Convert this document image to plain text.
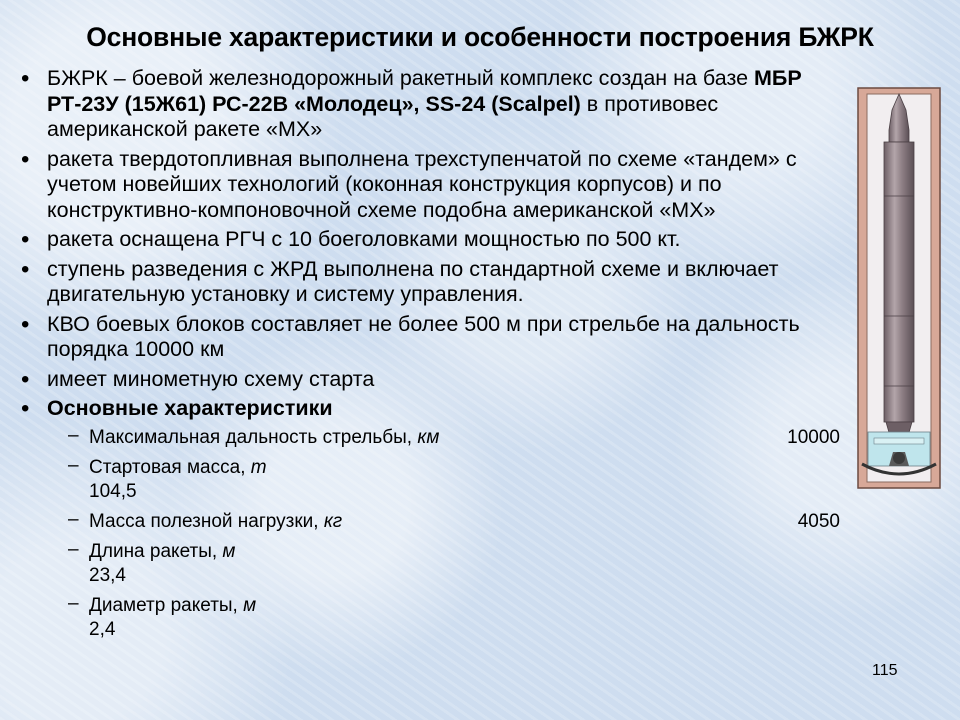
Основные характеристики и особенности построения БЖРК
• БЖРК – боевой железнодорожный ракетный комплекс создан на базе МБР РТ-23У (15Ж61) РС-22В «Молодец», SS-24 (Scalpel) в противовес американской ракете «МХ»
• ракета твердотопливная выполнена трехступенчатой по схеме «тандем» с учетом новейших технологий (коконная конструкция корпусов) и по конструктивно-компоновочной схеме подобна американской «МХ»
• ракета оснащена РГЧ с 10 боеголовками мощностью по 500 кт.
• ступень разведения с ЖРД выполнена по стандартной схеме и включает двигательную установку и систему управления.
• КВО боевых блоков составляет не более 500 м при стрельбе на дальность порядка 10000 км
• имеет минометную схему старта
• Основные характеристики
– Максимальная дальность стрельбы, км	10000
– Стартовая масса, т
104,5
– Масса полезной нагрузки, кг	4050
– Длина ракеты, м
23,4
– Диаметр ракеты, м
2,4
115
